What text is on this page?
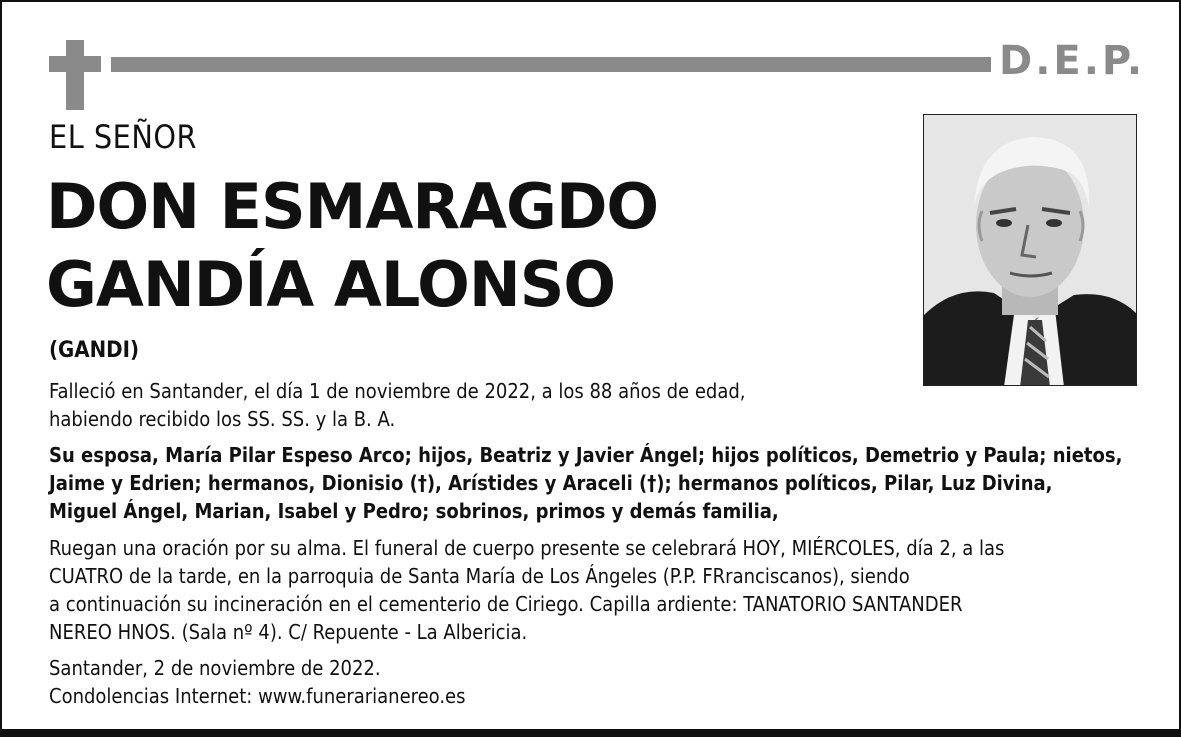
D.E.P.
EL SEÑOR
DON ESMARAGDO
GANDÍA ALONSO
(GANDI)
Falleció en Santander, el día 1 de noviembre de 2022, a los 88 años de edad,
habiendo recibido los SS. SS. y la B. A.
Su esposa, María Pilar Espeso Arco; hijos, Beatriz y Javier Ángel; hijos políticos, Demetrio y Paula; nietos,
Jaime y Edrien; hermanos, Dionisio (†), Arístides y Araceli (†); hermanos políticos, Pilar, Luz Divina,
Miguel Ángel, Marian, Isabel y Pedro; sobrinos, primos y demás familia,
Ruegan una oración por su alma. El funeral de cuerpo presente se celebrará HOY, MIÉRCOLES, día 2, a las
CUATRO de la tarde, en la parroquia de Santa María de Los Ángeles (P.P. FRranciscanos), siendo
a continuación su incineración en el cementerio de Ciriego. Capilla ardiente: TANATORIO SANTANDER
NEREO HNOS. (Sala nº 4). C/ Repuente - La Albericia.
Santander, 2 de noviembre de 2022.
Condolencias Internet: www.funerarianereo.es
